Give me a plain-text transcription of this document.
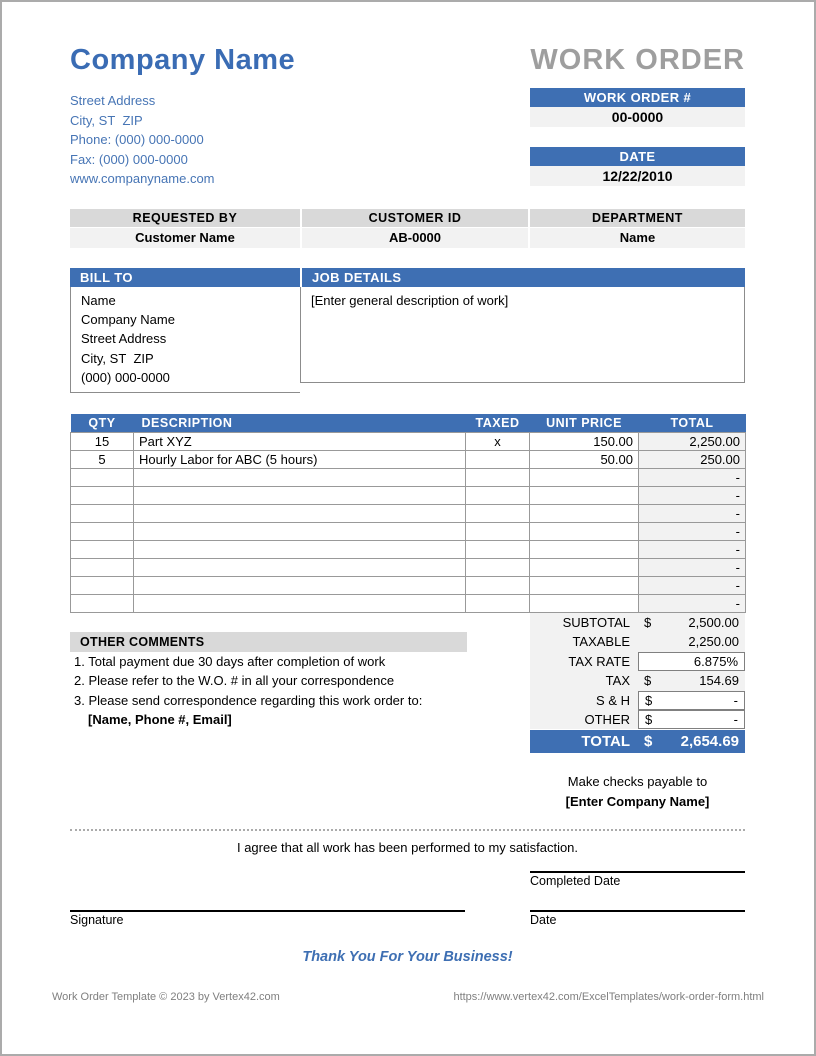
Company Name
Street Address
City, ST  ZIP
Phone: (000) 000-0000
Fax: (000) 000-0000
www.companyname.com
WORK ORDER
WORK ORDER #
00-0000
DATE
12/22/2010
REQUESTED BY
Customer Name
CUSTOMER ID
AB-0000
DEPARTMENT
Name
BILL TO	JOB DETAILS
Name
Company Name
Street Address
City, ST  ZIP
(000) 000-0000
[Enter general description of work]
QTY	DESCRIPTION	TAXED	UNIT PRICE	TOTAL
15	Part XYZ	x	150.00	2,250.00
5	Hourly Labor for ABC (5 hours)		50.00	250.00
				-
				-
				-
				-
				-
				-
				-
				-
OTHER COMMENTS
1. Total payment due 30 days after completion of work
2. Please refer to the W.O. # in all your correspondence
3. Please send correspondence regarding this work order to:
[Name, Phone #, Email]
SUBTOTAL	$	2,500.00
TAXABLE	2,250.00
TAX RATE	6.875%
TAX	$	154.69
S & H	$	-
OTHER	$	-
TOTAL $ 2,654.69
Make checks payable to
[Enter Company Name]
I agree that all work has been performed to my satisfaction.
Completed Date
Signature	Date
Thank You For Your Business!
Work Order Template © 2023 by Vertex42.com	https://www.vertex42.com/ExcelTemplates/work-order-form.html
